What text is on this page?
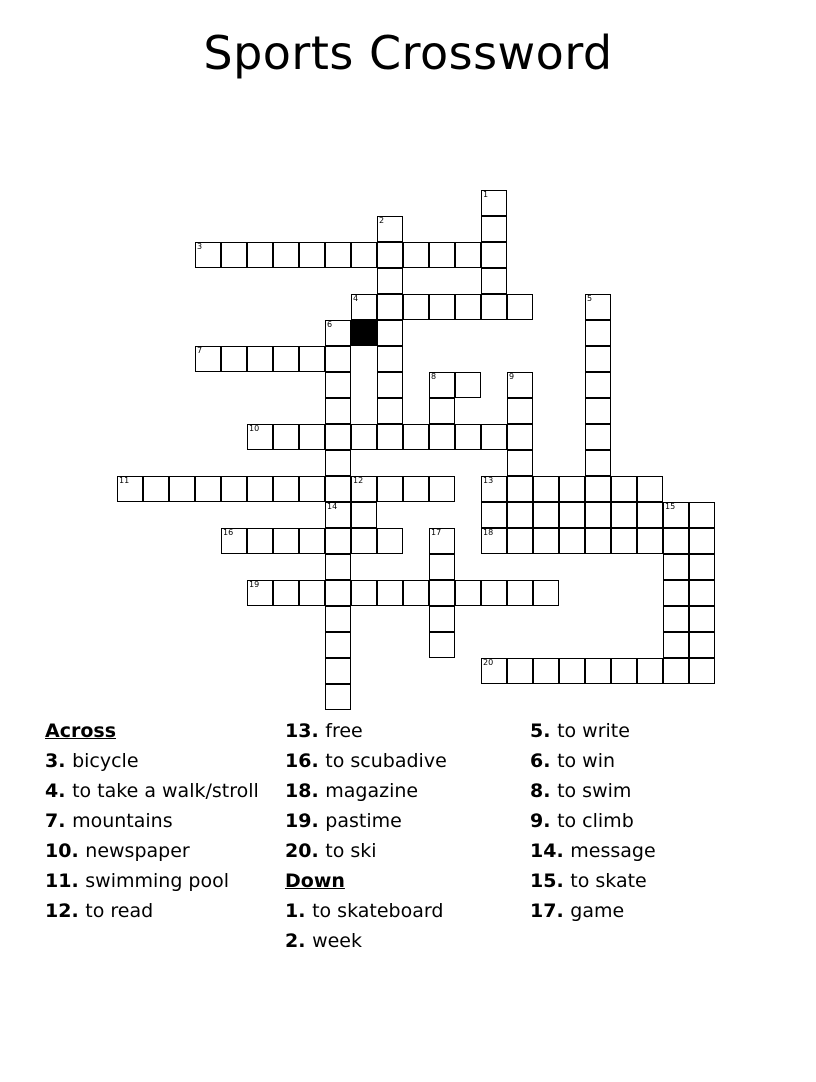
Sports Crossword
1
2
3
4	5
6
7
8	9
10
11	12	13
14	15
16	17	18
19
20
Across
3. bicycle
4. to take a walk/stroll
7. mountains
10. newspaper
11. swimming pool
12. to read
13. free
16. to scubadive
18. magazine
19. pastime
20. to ski
Down
1. to skateboard
2. week
5. to write
6. to win
8. to swim
9. to climb
14. message
15. to skate
17. game
